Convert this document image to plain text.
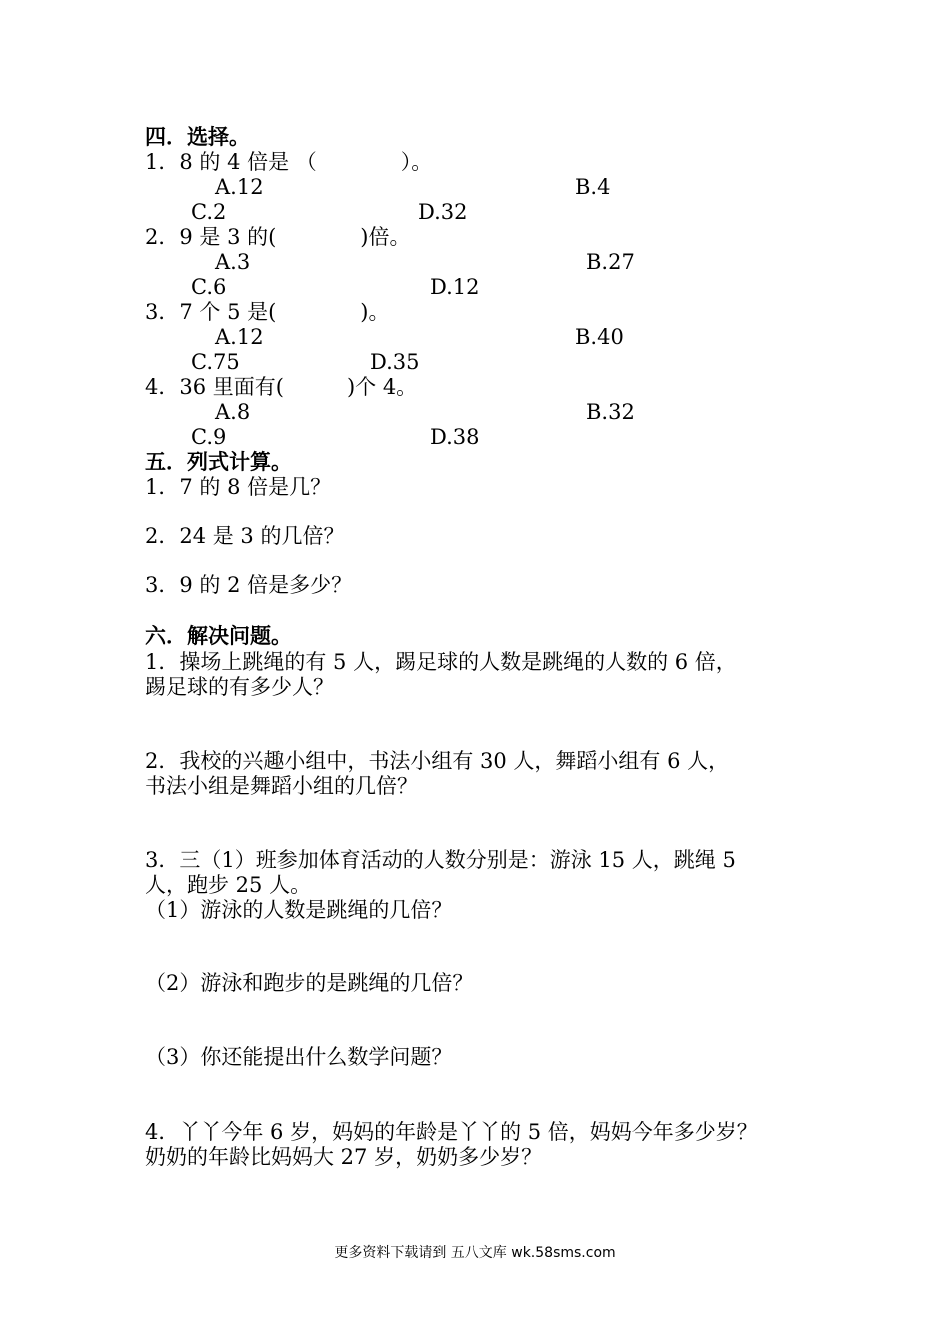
四．选择。
1．8 的 4 倍是 （　　　　）。
A.12	B.4
C.2	D.32
2．9 是 3 的(　　　　)倍。
A.3	B.27
C.6	D.12
3．7 个 5 是(　　　　)。
A.12	B.40
C.75	D.35
4．36 里面有(　　　)个 4。
A.8	B.32
C.9	D.38
五．列式计算。
1．7 的 8 倍是几？
2．24 是 3 的几倍？
3．9 的 2 倍是多少？
六．解决问题。
1．操场上跳绳的有 5 人，踢足球的人数是跳绳的人数的 6 倍，
踢足球的有多少人？
2．我校的兴趣小组中，书法小组有 30 人，舞蹈小组有 6 人，
书法小组是舞蹈小组的几倍？
3．三（1）班参加体育活动的人数分别是：游泳 15 人，跳绳 5
人，跑步 25 人。
（1）游泳的人数是跳绳的几倍？
（2）游泳和跑步的是跳绳的几倍？
（3）你还能提出什么数学问题？
4．丫丫今年 6 岁，妈妈的年龄是丫丫的 5 倍，妈妈今年多少岁？
奶奶的年龄比妈妈大 27 岁，奶奶多少岁？
更多资料下载请到 五八文库 wk.58sms.com
